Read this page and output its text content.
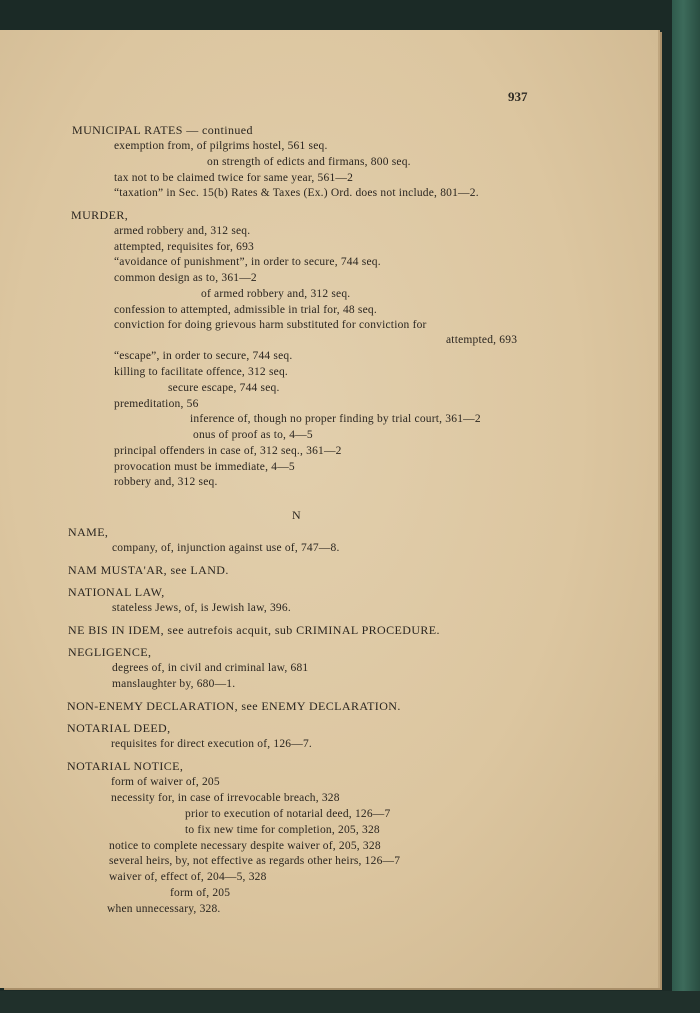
937
MUNICIPAL RATES — continued
exemption from, of pilgrims hostel, 561 seq.
on strength of edicts and firmans, 800 seq.
tax not to be claimed twice for same year, 561—2
“taxation” in Sec. 15(b) Rates & Taxes (Ex.) Ord. does not include, 801—2.
MURDER,
armed robbery and, 312 seq.
attempted, requisites for, 693
“avoidance of punishment”, in order to secure, 744 seq.
common design as to, 361—2
of armed robbery and, 312 seq.
confession to attempted, admissible in trial for, 48 seq.
conviction for doing grievous harm substituted for conviction for
attempted, 693
“escape”, in order to secure, 744 seq.
killing to facilitate offence, 312 seq.
secure escape, 744 seq.
premeditation, 56
inference of, though no proper finding by trial court, 361—2
onus of proof as to, 4—5
principal offenders in case of, 312 seq., 361—2
provocation must be immediate, 4—5
robbery and, 312 seq.
N
NAME,
company, of, injunction against use of, 747—8.
NAM MUSTA'AR, see LAND.
NATIONAL LAW,
stateless Jews, of, is Jewish law, 396.
NE BIS IN IDEM, see autrefois acquit, sub CRIMINAL PROCEDURE.
NEGLIGENCE,
degrees of, in civil and criminal law, 681
manslaughter by, 680—1.
NON-ENEMY DECLARATION, see ENEMY DECLARATION.
NOTARIAL DEED,
requisites for direct execution of, 126—7.
NOTARIAL NOTICE,
form of waiver of, 205
necessity for, in case of irrevocable breach, 328
prior to execution of notarial deed, 126—7
to fix new time for completion, 205, 328
notice to complete necessary despite waiver of, 205, 328
several heirs, by, not effective as regards other heirs, 126—7
waiver of, effect of, 204—5, 328
form of, 205
when unnecessary, 328.
